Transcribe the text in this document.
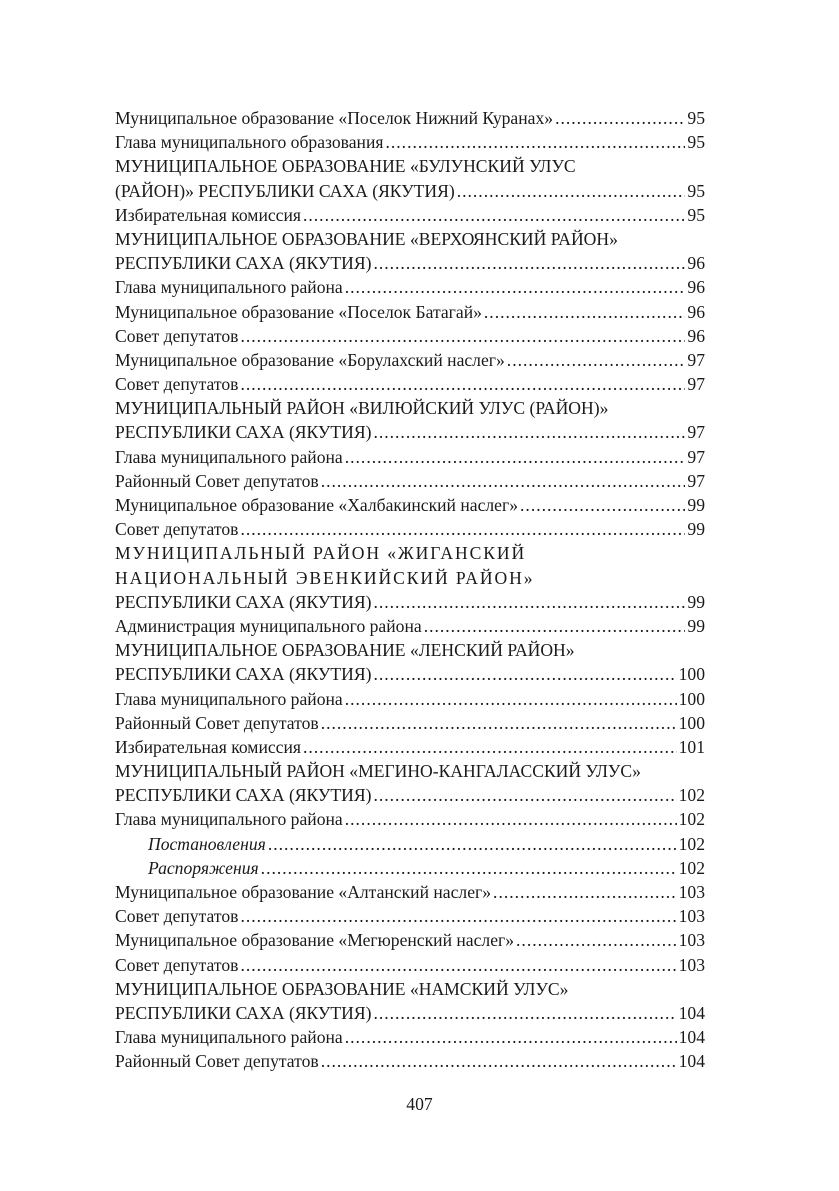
Муниципальное образование «Поселок Нижний Куранах» .....	95
Глава муниципального образования .....	95
МУНИЦИПАЛЬНОЕ ОБРАЗОВАНИЕ «БУЛУНСКИЙ УЛУС
(РАЙОН)» РЕСПУБЛИКИ САХА (ЯКУТИЯ) .....	95
Избирательная комиссия .....	95
МУНИЦИПАЛЬНОЕ ОБРАЗОВАНИЕ «ВЕРХОЯНСКИЙ РАЙОН»
РЕСПУБЛИКИ САХА (ЯКУТИЯ) .....	96
Глава муниципального района .....	96
Муниципальное образование «Поселок Батагай» .....	96
Совет депутатов .....	96
Муниципальное образование «Борулахский наслег» .....	97
Совет депутатов .....	97
МУНИЦИПАЛЬНЫЙ РАЙОН «ВИЛЮЙСКИЙ УЛУС (РАЙОН)»
РЕСПУБЛИКИ САХА (ЯКУТИЯ) .....	97
Глава муниципального района .....	97
Районный Совет депутатов .....	97
Муниципальное образование «Халбакинский наслег» .....	99
Совет депутатов .....	99
МУНИЦИПАЛЬНЫЙ РАЙОН «ЖИГАНСКИЙ
НАЦИОНАЛЬНЫЙ ЭВЕНКИЙСКИЙ РАЙОН»
РЕСПУБЛИКИ САХА (ЯКУТИЯ) .....	99
Администрация муниципального района .....	99
МУНИЦИПАЛЬНОЕ ОБРАЗОВАНИЕ «ЛЕНСКИЙ РАЙОН»
РЕСПУБЛИКИ САХА (ЯКУТИЯ) .....	100
Глава муниципального района .....	100
Районный Совет депутатов .....	100
Избирательная комиссия .....	101
МУНИЦИПАЛЬНЫЙ РАЙОН «МЕГИНО-КАНГАЛАССКИЙ УЛУС»
РЕСПУБЛИКИ САХА (ЯКУТИЯ) .....	102
Глава муниципального района .....	102
Постановления .....	102
Распоряжения .....	102
Муниципальное образование «Алтанский наслег» .....	103
Совет депутатов .....	103
Муниципальное образование «Мегюренский наслег» .....	103
Совет депутатов .....	103
МУНИЦИПАЛЬНОЕ ОБРАЗОВАНИЕ «НАМСКИЙ УЛУС»
РЕСПУБЛИКИ САХА (ЯКУТИЯ) .....	104
Глава муниципального района .....	104
Районный Совет депутатов .....	104
407
